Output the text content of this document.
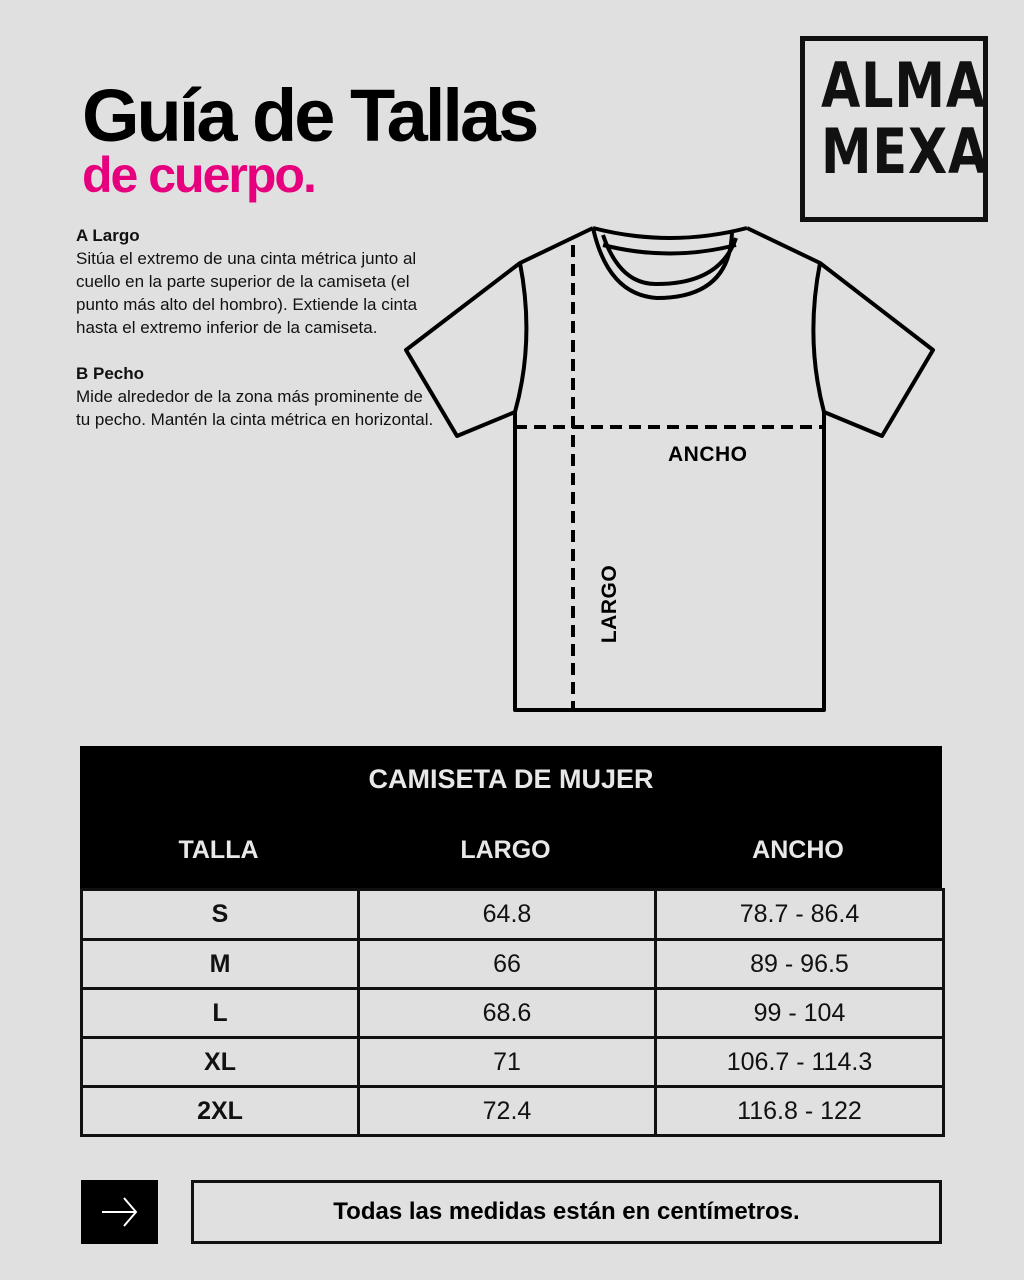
Guía de Tallas
de cuerpo.
ALMA
MEXA
A Largo
Sitúa el extremo de una cinta métrica junto al cuello en la parte superior de la camiseta (el punto más alto del hombro). Extiende la cinta hasta el extremo inferior de la camiseta.
B Pecho
Mide alrededor de la zona más prominente de tu pecho. Mantén la cinta métrica en horizontal.
ANCHO
LARGO
CAMISETA DE MUJER
TALLA	LARGO	ANCHO
S	64.8	78.7 - 86.4
M	66	89 - 96.5
L	68.6	99 - 104
XL	71	106.7 - 114.3
2XL	72.4	116.8 - 122
Todas las medidas están en centímetros.
